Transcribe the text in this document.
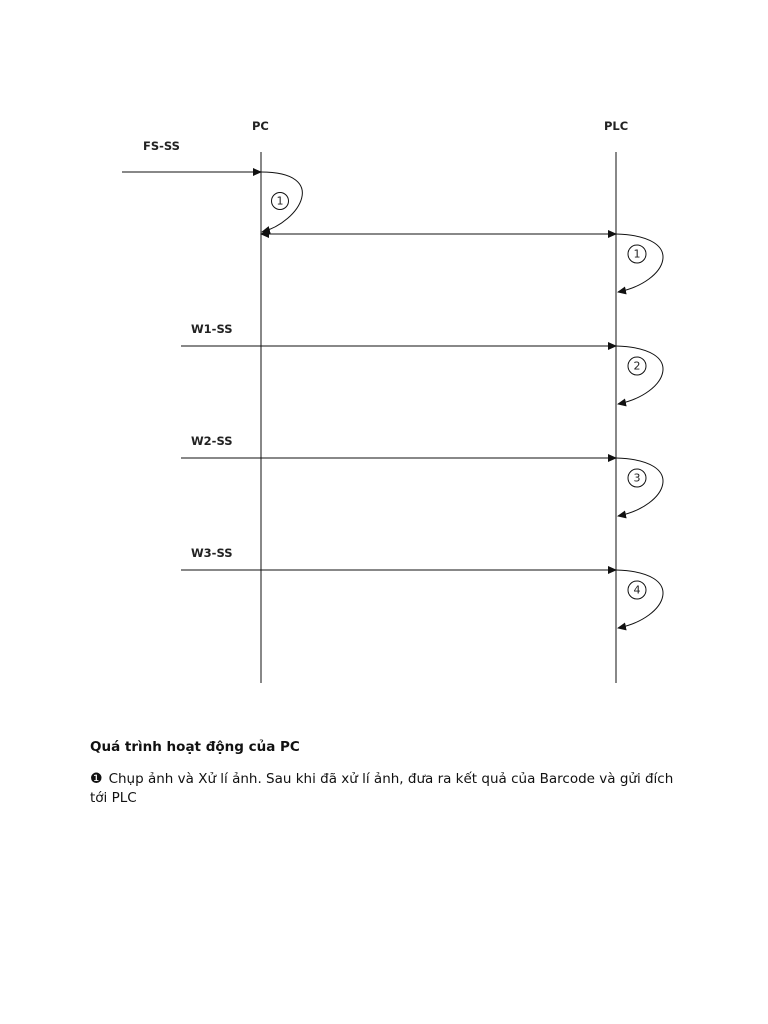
PC	PLC
FS-SS
1
1
W1-SS
2
W2-SS
3
W3-SS
4
Quá trình hoạt động của PC

❶ Chụp ảnh và Xử lí ảnh. Sau khi đã xử lí ảnh, đưa ra kết quả của Barcode và gửi đích tới PLC
